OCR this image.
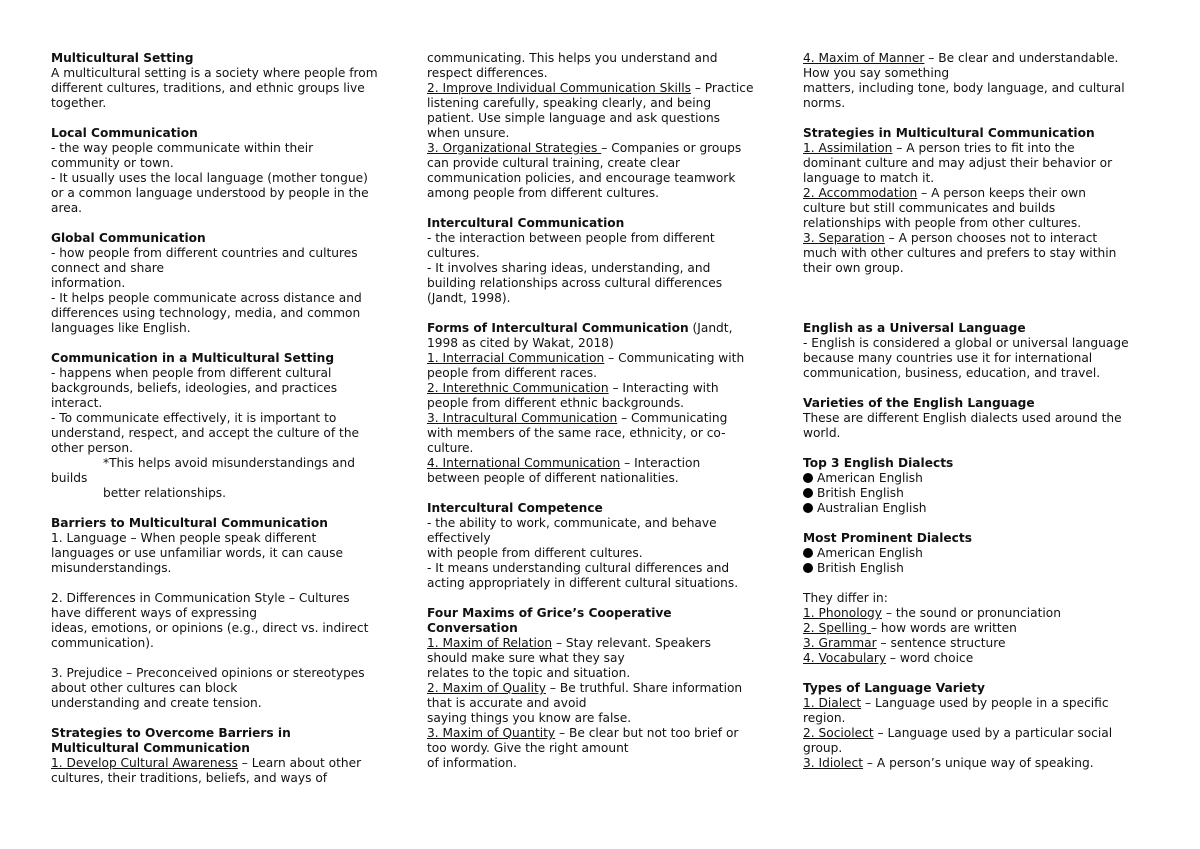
Multicultural Setting
A multicultural setting is a society where people from
different cultures, traditions, and ethnic groups live
together.
Local Communication
- the way people communicate within their
community or town.
- It usually uses the local language (mother tongue)
or a common language understood by people in the
area.
Global Communication
- how people from different countries and cultures
connect and share
information.
- It helps people communicate across distance and
differences using technology, media, and common
languages like English.
Communication in a Multicultural Setting
- happens when people from different cultural
backgrounds, beliefs, ideologies, and practices
interact.
- To communicate effectively, it is important to
understand, respect, and accept the culture of the
other person.
*This helps avoid misunderstandings and
builds
better relationships.
Barriers to Multicultural Communication
1. Language – When people speak different
languages or use unfamiliar words, it can cause
misunderstandings.
2. Differences in Communication Style – Cultures
have different ways of expressing
ideas, emotions, or opinions (e.g., direct vs. indirect
communication).
3. Prejudice – Preconceived opinions or stereotypes
about other cultures can block
understanding and create tension.
Strategies to Overcome Barriers in
Multicultural Communication
1. Develop Cultural Awareness – Learn about other
cultures, their traditions, beliefs, and ways of
communicating. This helps you understand and
respect differences.
2. Improve Individual Communication Skills – Practice
listening carefully, speaking clearly, and being
patient. Use simple language and ask questions
when unsure.
3. Organizational Strategies – Companies or groups
can provide cultural training, create clear
communication policies, and encourage teamwork
among people from different cultures.
Intercultural Communication
- the interaction between people from different
cultures.
- It involves sharing ideas, understanding, and
building relationships across cultural differences
(Jandt, 1998).
Forms of Intercultural Communication (Jandt,
1998 as cited by Wakat, 2018)
1. Interracial Communication – Communicating with
people from different races.
2. Interethnic Communication – Interacting with
people from different ethnic backgrounds.
3. Intracultural Communication – Communicating
with members of the same race, ethnicity, or co-
culture.
4. International Communication – Interaction
between people of different nationalities.
Intercultural Competence
- the ability to work, communicate, and behave
effectively
with people from different cultures.
- It means understanding cultural differences and
acting appropriately in different cultural situations.
Four Maxims of Grice’s Cooperative
Conversation
1. Maxim of Relation – Stay relevant. Speakers
should make sure what they say
relates to the topic and situation.
2. Maxim of Quality – Be truthful. Share information
that is accurate and avoid
saying things you know are false.
3. Maxim of Quantity – Be clear but not too brief or
too wordy. Give the right amount
of information.
4. Maxim of Manner – Be clear and understandable.
How you say something
matters, including tone, body language, and cultural
norms.
Strategies in Multicultural Communication
1. Assimilation – A person tries to fit into the
dominant culture and may adjust their behavior or
language to match it.
2. Accommodation – A person keeps their own
culture but still communicates and builds
relationships with people from other cultures.
3. Separation – A person chooses not to interact
much with other cultures and prefers to stay within
their own group.
English as a Universal Language
- English is considered a global or universal language
because many countries use it for international
communication, business, education, and travel.
Varieties of the English Language
These are different English dialects used around the
world.
Top 3 English Dialects
American English
British English
Australian English
Most Prominent Dialects
American English
British English
They differ in:
1. Phonology – the sound or pronunciation
2. Spelling – how words are written
3. Grammar – sentence structure
4. Vocabulary – word choice
Types of Language Variety
1. Dialect – Language used by people in a specific
region.
2. Sociolect – Language used by a particular social
group.
3. Idiolect – A person’s unique way of speaking.
